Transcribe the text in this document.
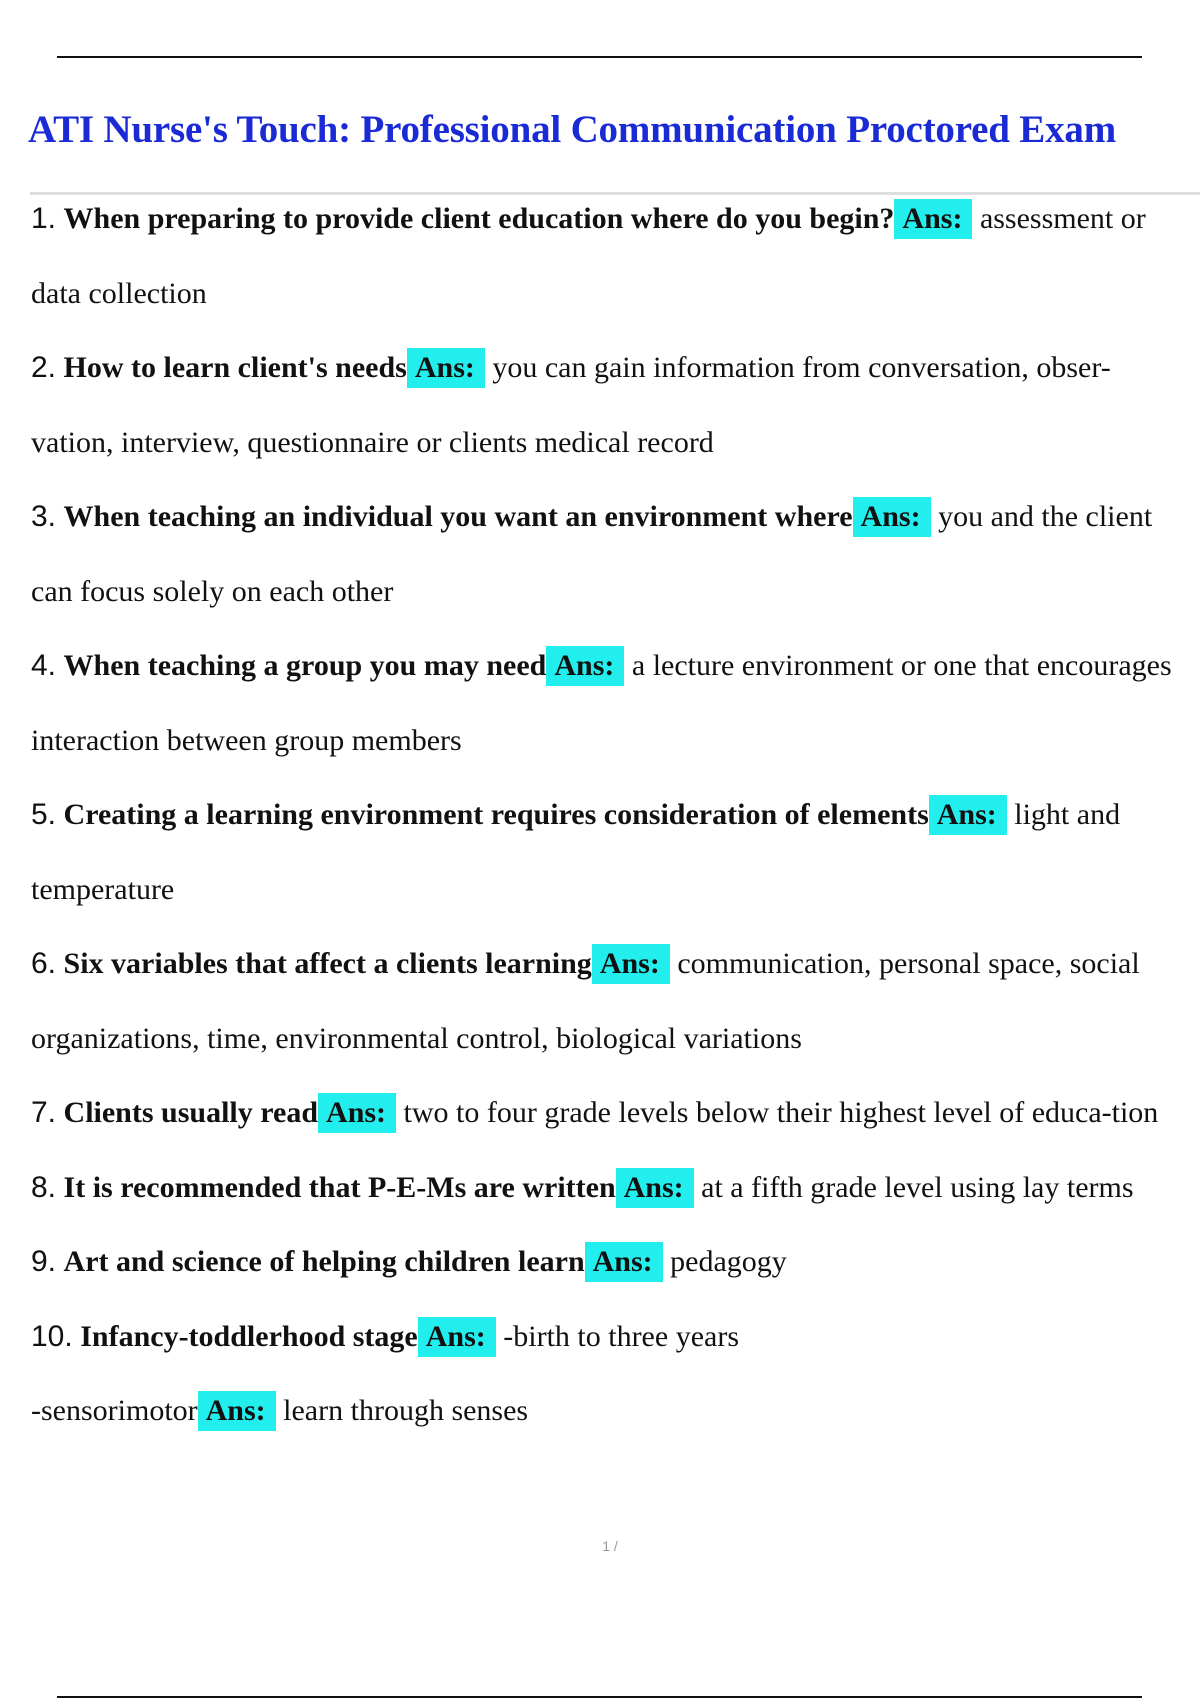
ATI Nurse's Touch: Professional Communication Proctored Exam

1. When preparing to provide client education where do you begin? Ans: assessment or data collection

2. How to learn client's needs Ans: you can gain information from conversation, obser-vation, interview, questionnaire or clients medical record

3. When teaching an individual you want an environment where Ans: you and the client can focus solely on each other

4. When teaching a group you may need Ans: a lecture environment or one that encourages interaction between group members

5. Creating a learning environment requires consideration of elements Ans: light and temperature

6. Six variables that affect a clients learning Ans: communication, personal space, social organizations, time, environmental control, biological variations

7. Clients usually read Ans: two to four grade levels below their highest level of educa-tion

8. It is recommended that P-E-Ms are written Ans: at a fifth grade level using lay terms

9. Art and science of helping children learn Ans: pedagogy

10. Infancy-toddlerhood stage Ans: -birth to three years

-sensorimotor Ans: learn through senses

1 /
